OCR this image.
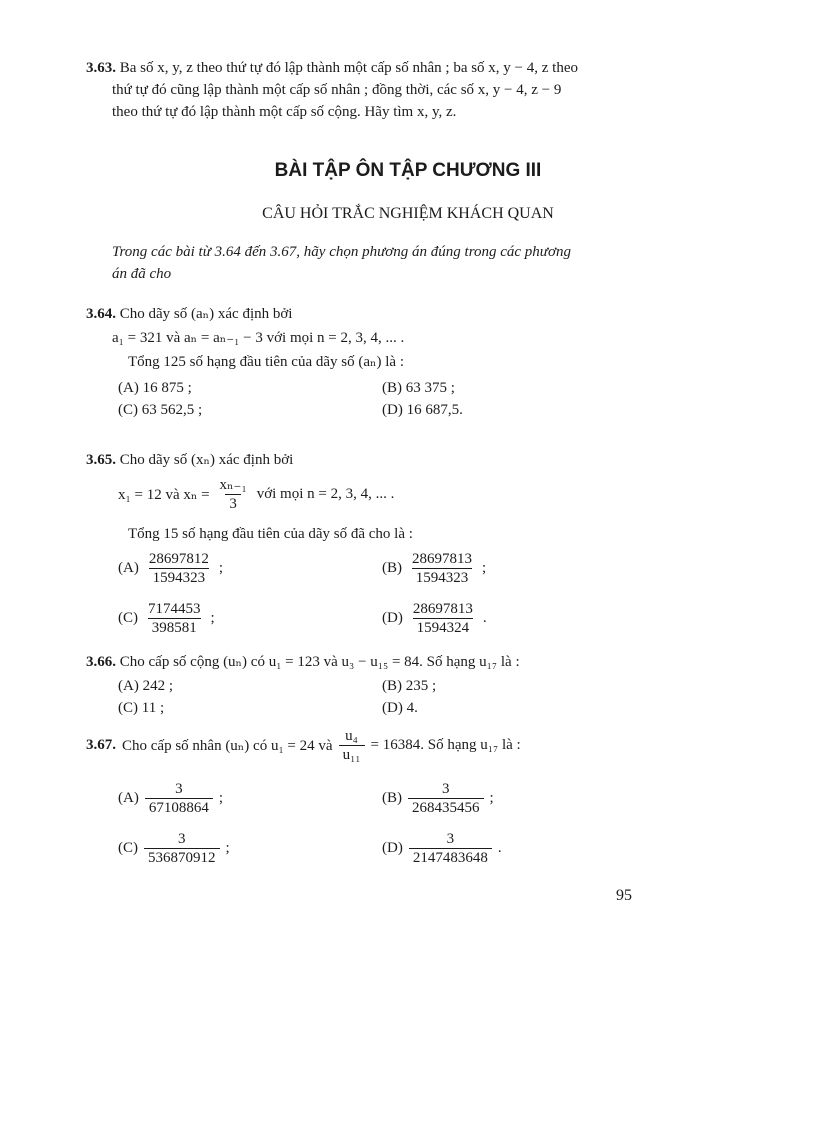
3.63. Ba số x, y, z theo thứ tự đó lập thành một cấp số nhân ; ba số x, y − 4, z theo
thứ tự đó cũng lập thành một cấp số nhân ; đồng thời, các số x, y − 4, z − 9
theo thứ tự đó lập thành một cấp số cộng. Hãy tìm x, y, z.
BÀI TẬP ÔN TẬP CHƯƠNG III
CÂU HỎI TRẮC NGHIỆM KHÁCH QUAN
Trong các bài từ 3.64 đến 3.67, hãy chọn phương án đúng trong các phương
án đã cho
3.64. Cho dãy số (aₙ) xác định bởi
a₁ = 321 và aₙ = aₙ₋₁ − 3 với mọi n = 2, 3, 4, ... .
Tổng 125 số hạng đầu tiên của dãy số (aₙ) là :
(A) 16 875 ;	(B) 63 375 ;
(C) 63 562,5 ;	(D) 16 687,5.
3.65. Cho dãy số (xₙ) xác định bởi
x₁ = 12 và $x_n = \frac{\text{xₙ₋₁}}{3}$ với mọi n = 2, 3, 4, ... .
Tổng 15 số hạng đầu tiên của dãy số đã cho là :
$(A) \frac{28697812}{1594323}$ ;	$(B) \frac{28697813}{1594323}$ ;
$(C) \frac{7174453}{398581}$ ;	$(D) \frac{28697813}{1594324}$ .
3.66. Cho cấp số cộng (uₙ) có u₁ = 123 và u₃ − u₁₅ = 84. Số hạng u₁₇ là :
(A) 242 ;	(B) 235 ;
(C) 11 ;	(D) 4.
3.67. Cho cấp số nhân (uₙ) có u₁ = 24 và $\frac{\text{u₄}}{\text{u₁₁}} = 16384$. Số hạng u₁₇ là :
$(A) \frac{3}{67108864}$ ;	$(B) \frac{3}{268435456}$ ;
$(C) \frac{3}{536870912}$ ;	$(D) \frac{3}{2147483648}$ .
95
